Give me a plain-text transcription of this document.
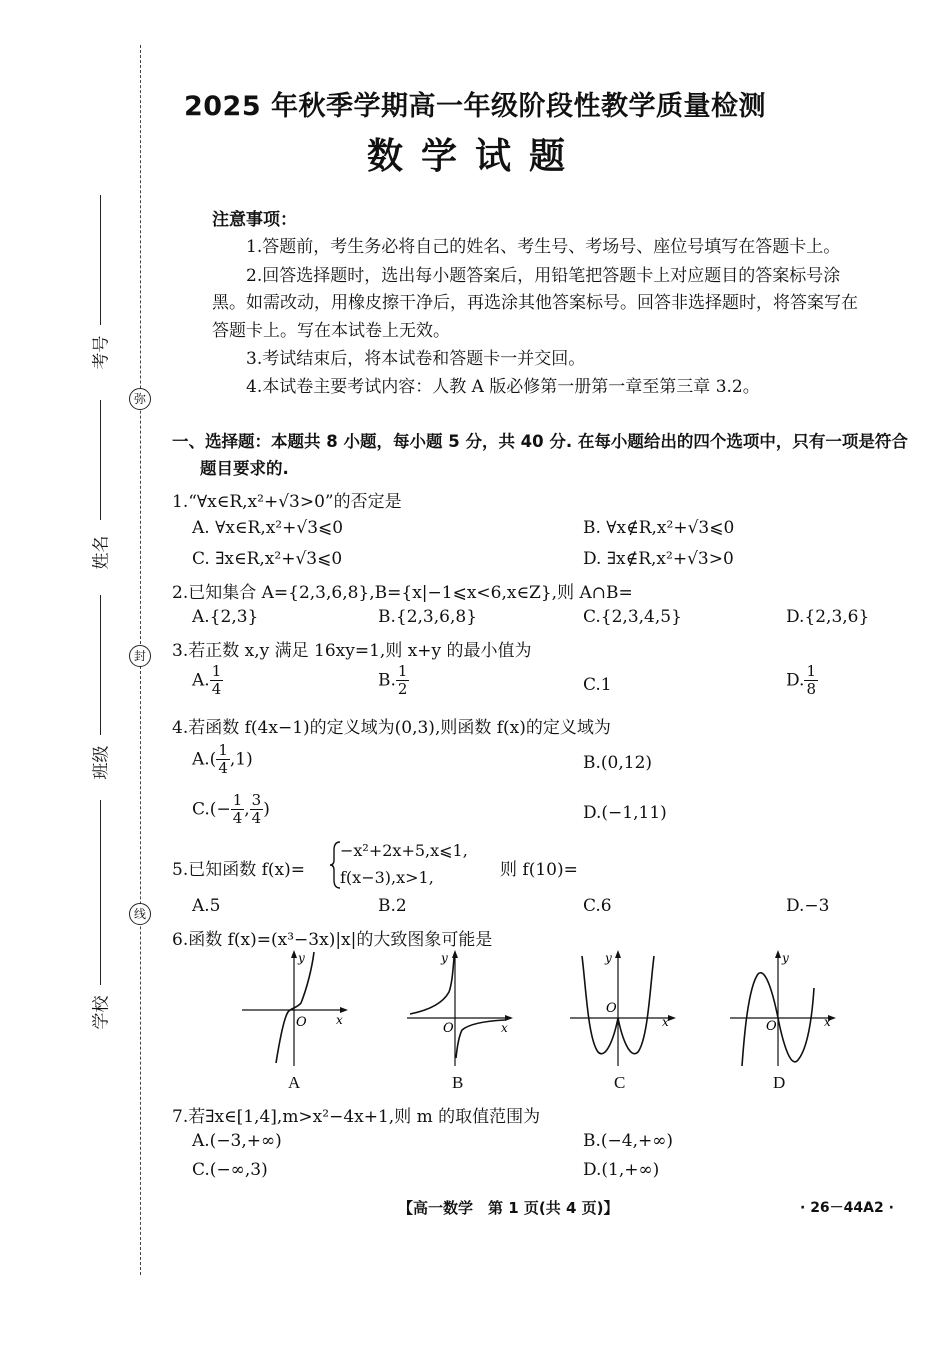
考号
姓名
班级
学校
弥
封
线
2025 年秋季学期高一年级阶段性教学质量检测
数学试题
注意事项：
1.答题前，考生务必将自己的姓名、考生号、考场号、座位号填写在答题卡上。
2.回答选择题时，选出每小题答案后，用铅笔把答题卡上对应题目的答案标号涂
黑。如需改动，用橡皮擦干净后，再选涂其他答案标号。回答非选择题时，将答案写在
答题卡上。写在本试卷上无效。
3.考试结束后，将本试卷和答题卡一并交回。
4.本试卷主要考试内容：人教 A 版必修第一册第一章至第三章 3.2。
一、选择题：本题共 8 小题，每小题 5 分，共 40 分. 在每小题给出的四个选项中，只有一项是符合
题目要求的.
1.“∀x∈R,x²+√3>0”的否定是
A. ∀x∈R,x²+√3⩽0	B. ∀x∉R,x²+√3⩽0
C. ∃x∈R,x²+√3⩽0	D. ∃x∉R,x²+√3>0
2.已知集合 A={2,3,6,8},B={x|−1⩽x<6,x∈Z},则 A∩B=
A.{2,3}	B.{2,3,6,8}	C.{2,3,4,5}	D.{2,3,6}
3.若正数 x,y 满足 16xy=1,则 x+y 的最小值为
A. $\frac{1}{4}$	B. $\frac{1}{2}$	C.1	D. $\frac{1}{8}$
4.若函数 f(4x−1)的定义域为(0,3),则函数 f(x)的定义域为
$A.( \frac{1}{4} ,1)$	B.(0,12)
$C.(- \frac{1}{4}$ , $\frac{3}{4}$ )	D.(−1,11)
5.已知函数 f(x)=
−x²+2x+5,x⩽1,
f(x−3),x>1,	则 f(10)=
A.5	B.2	C.6	D.−3
6.函数 f(x)=(x³−3x)|x|的大致图象可能是
y
x
O
A
y
x
O
B
y
x
O
C
y
x
O
D
7.若∃x∈[1,4],m>x²−4x+1,则 m 的取值范围为
A.(−3,+∞)	B.(−4,+∞)
C.(−∞,3)	D.(1,+∞)
【高一数学　第 1 页(共 4 页)】	· 26－44A2 ·
